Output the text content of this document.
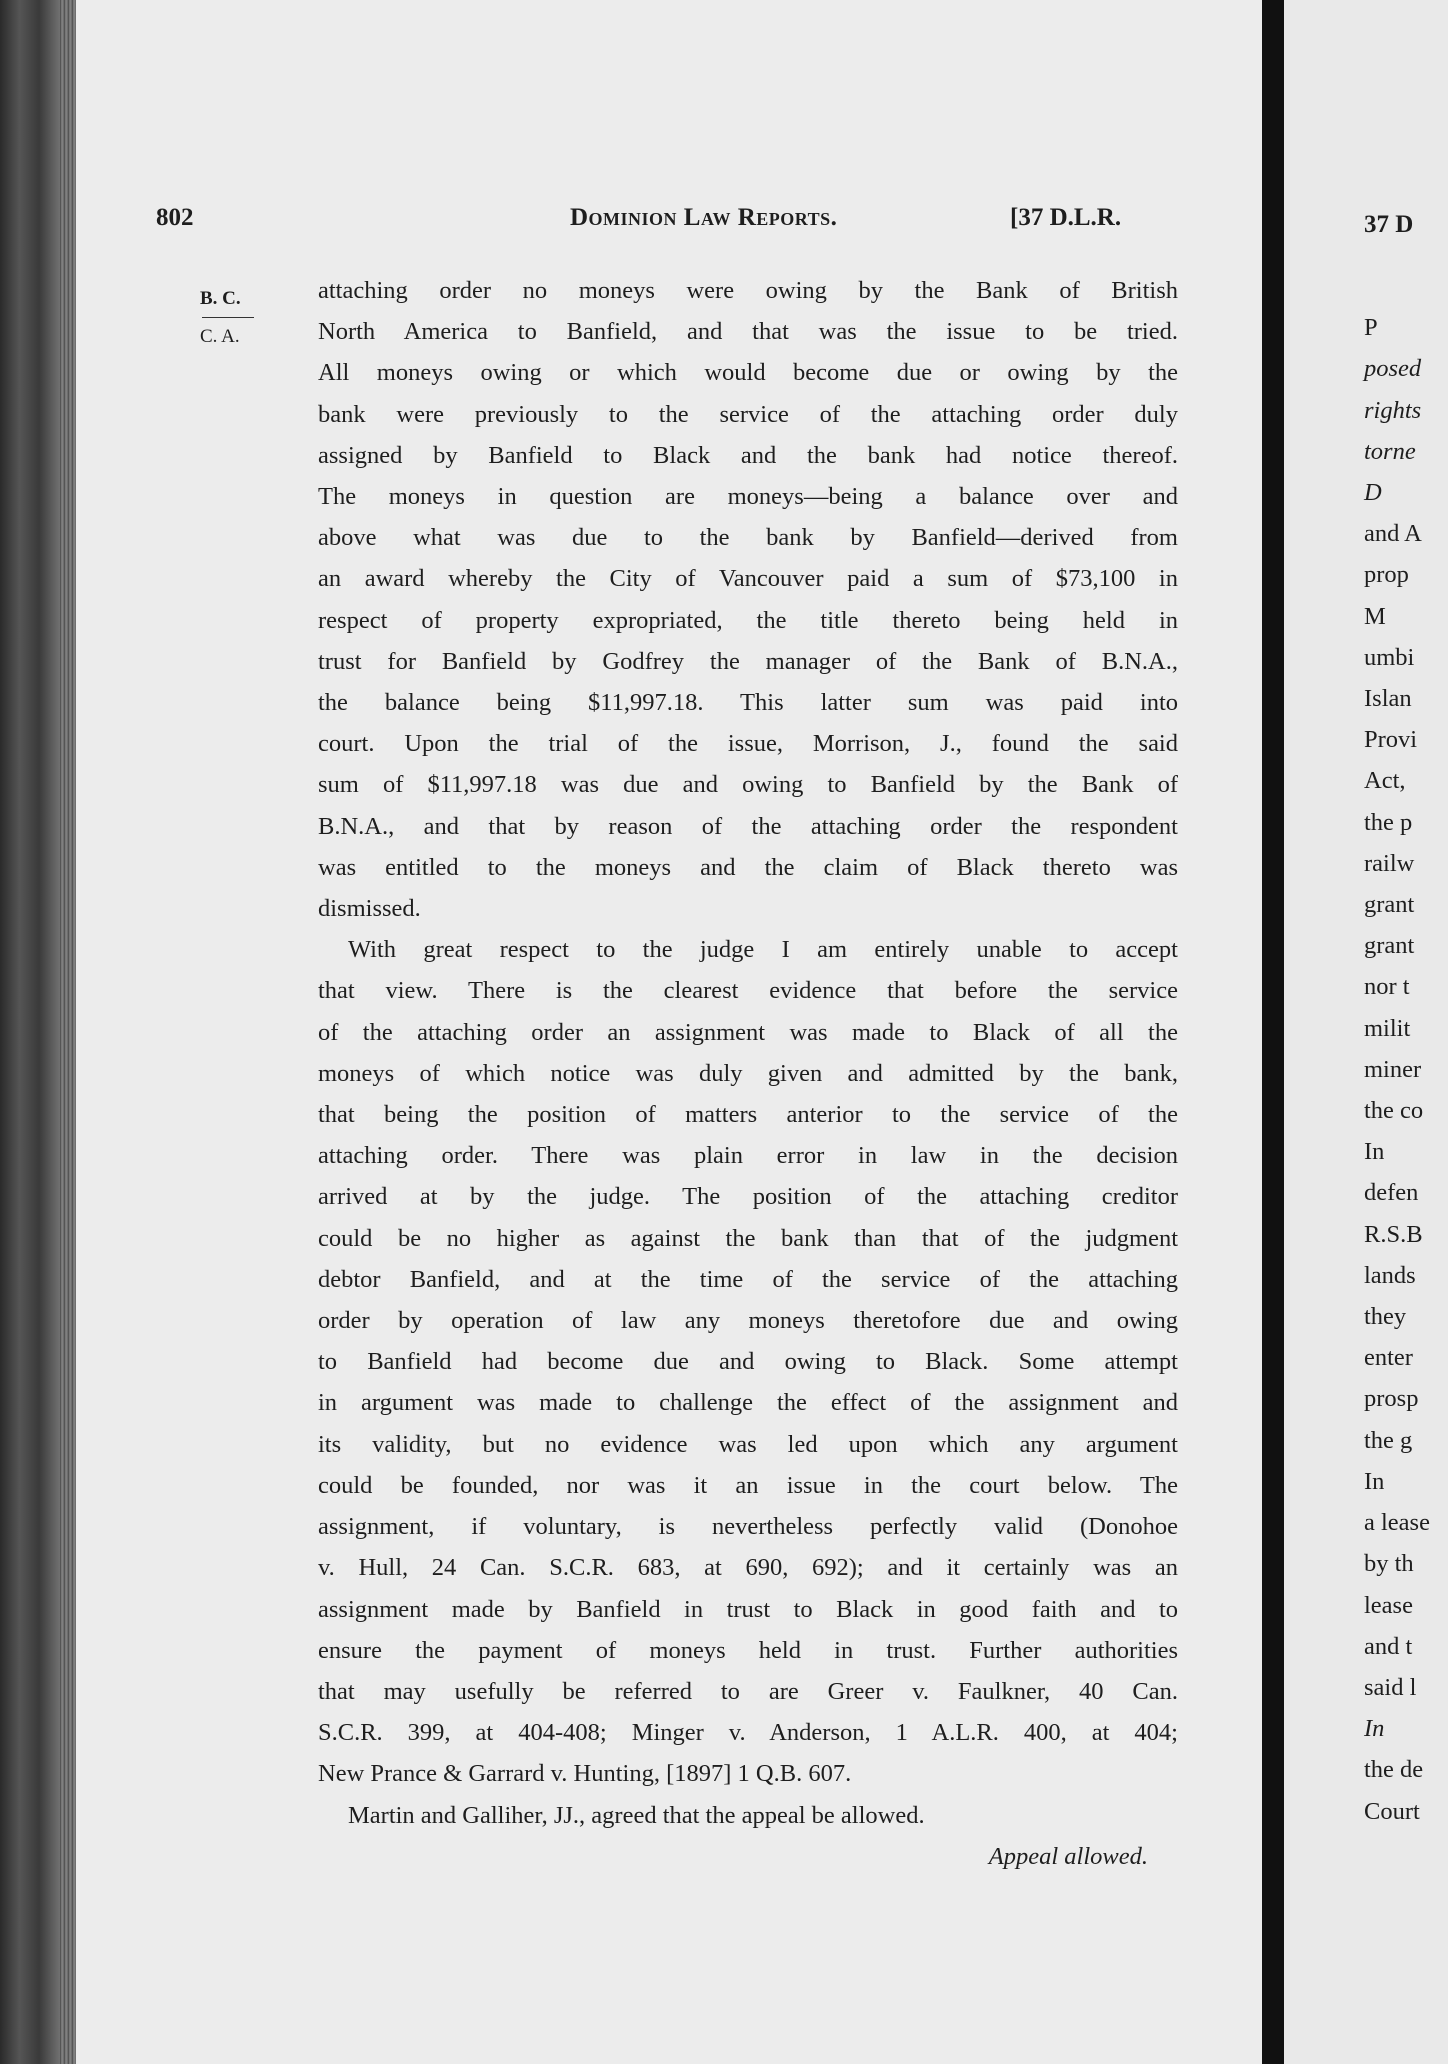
802	Dominion Law Reports.	[37 D.L.R.
B. C.
C. A.
attaching order no moneys were owing by the Bank of British
North America to Banfield, and that was the issue to be tried.
All moneys owing or which would become due or owing by the
bank were previously to the service of the attaching order duly
assigned by Banfield to Black and the bank had notice thereof.
The moneys in question are moneys—being a balance over and
above what was due to the bank by Banfield—derived from
an award whereby the City of Vancouver paid a sum of $73,100 in
respect of property expropriated, the title thereto being held in
trust for Banfield by Godfrey the manager of the Bank of B.N.A.,
the balance being $11,997.18. This latter sum was paid into
court. Upon the trial of the issue, Morrison, J., found the said
sum of $11,997.18 was due and owing to Banfield by the Bank of
B.N.A., and that by reason of the attaching order the respondent
was entitled to the moneys and the claim of Black thereto was
dismissed.
With great respect to the judge I am entirely unable to accept
that view. There is the clearest evidence that before the service
of the attaching order an assignment was made to Black of all the
moneys of which notice was duly given and admitted by the bank,
that being the position of matters anterior to the service of the
attaching order. There was plain error in law in the decision
arrived at by the judge. The position of the attaching creditor
could be no higher as against the bank than that of the judgment
debtor Banfield, and at the time of the service of the attaching
order by operation of law any moneys theretofore due and owing
to Banfield had become due and owing to Black. Some attempt
in argument was made to challenge the effect of the assignment and
its validity, but no evidence was led upon which any argument
could be founded, nor was it an issue in the court below. The
assignment, if voluntary, is nevertheless perfectly valid (Donohoe
v. Hull, 24 Can. S.C.R. 683, at 690, 692); and it certainly was an
assignment made by Banfield in trust to Black in good faith and to
ensure the payment of moneys held in trust. Further authorities
that may usefully be referred to are Greer v. Faulkner, 40 Can.
S.C.R. 399, at 404-408; Minger v. Anderson, 1 A.L.R. 400, at 404;
New Prance & Garrard v. Hunting, [1897] 1 Q.B. 607.
Martin and Galliher, JJ., agreed that the appeal be allowed.
Appeal allowed.
37 D
P
posed
rights
torne
D
and A
prop
M
umbi
Islan
Provi
Act,
the p
railw
grant
grant
nor t
milit
miner
the co
In
defen
R.S.B
lands
they
enter
prosp
the g
In
a lease
by th
lease
and t
said l
In
the de
Court
